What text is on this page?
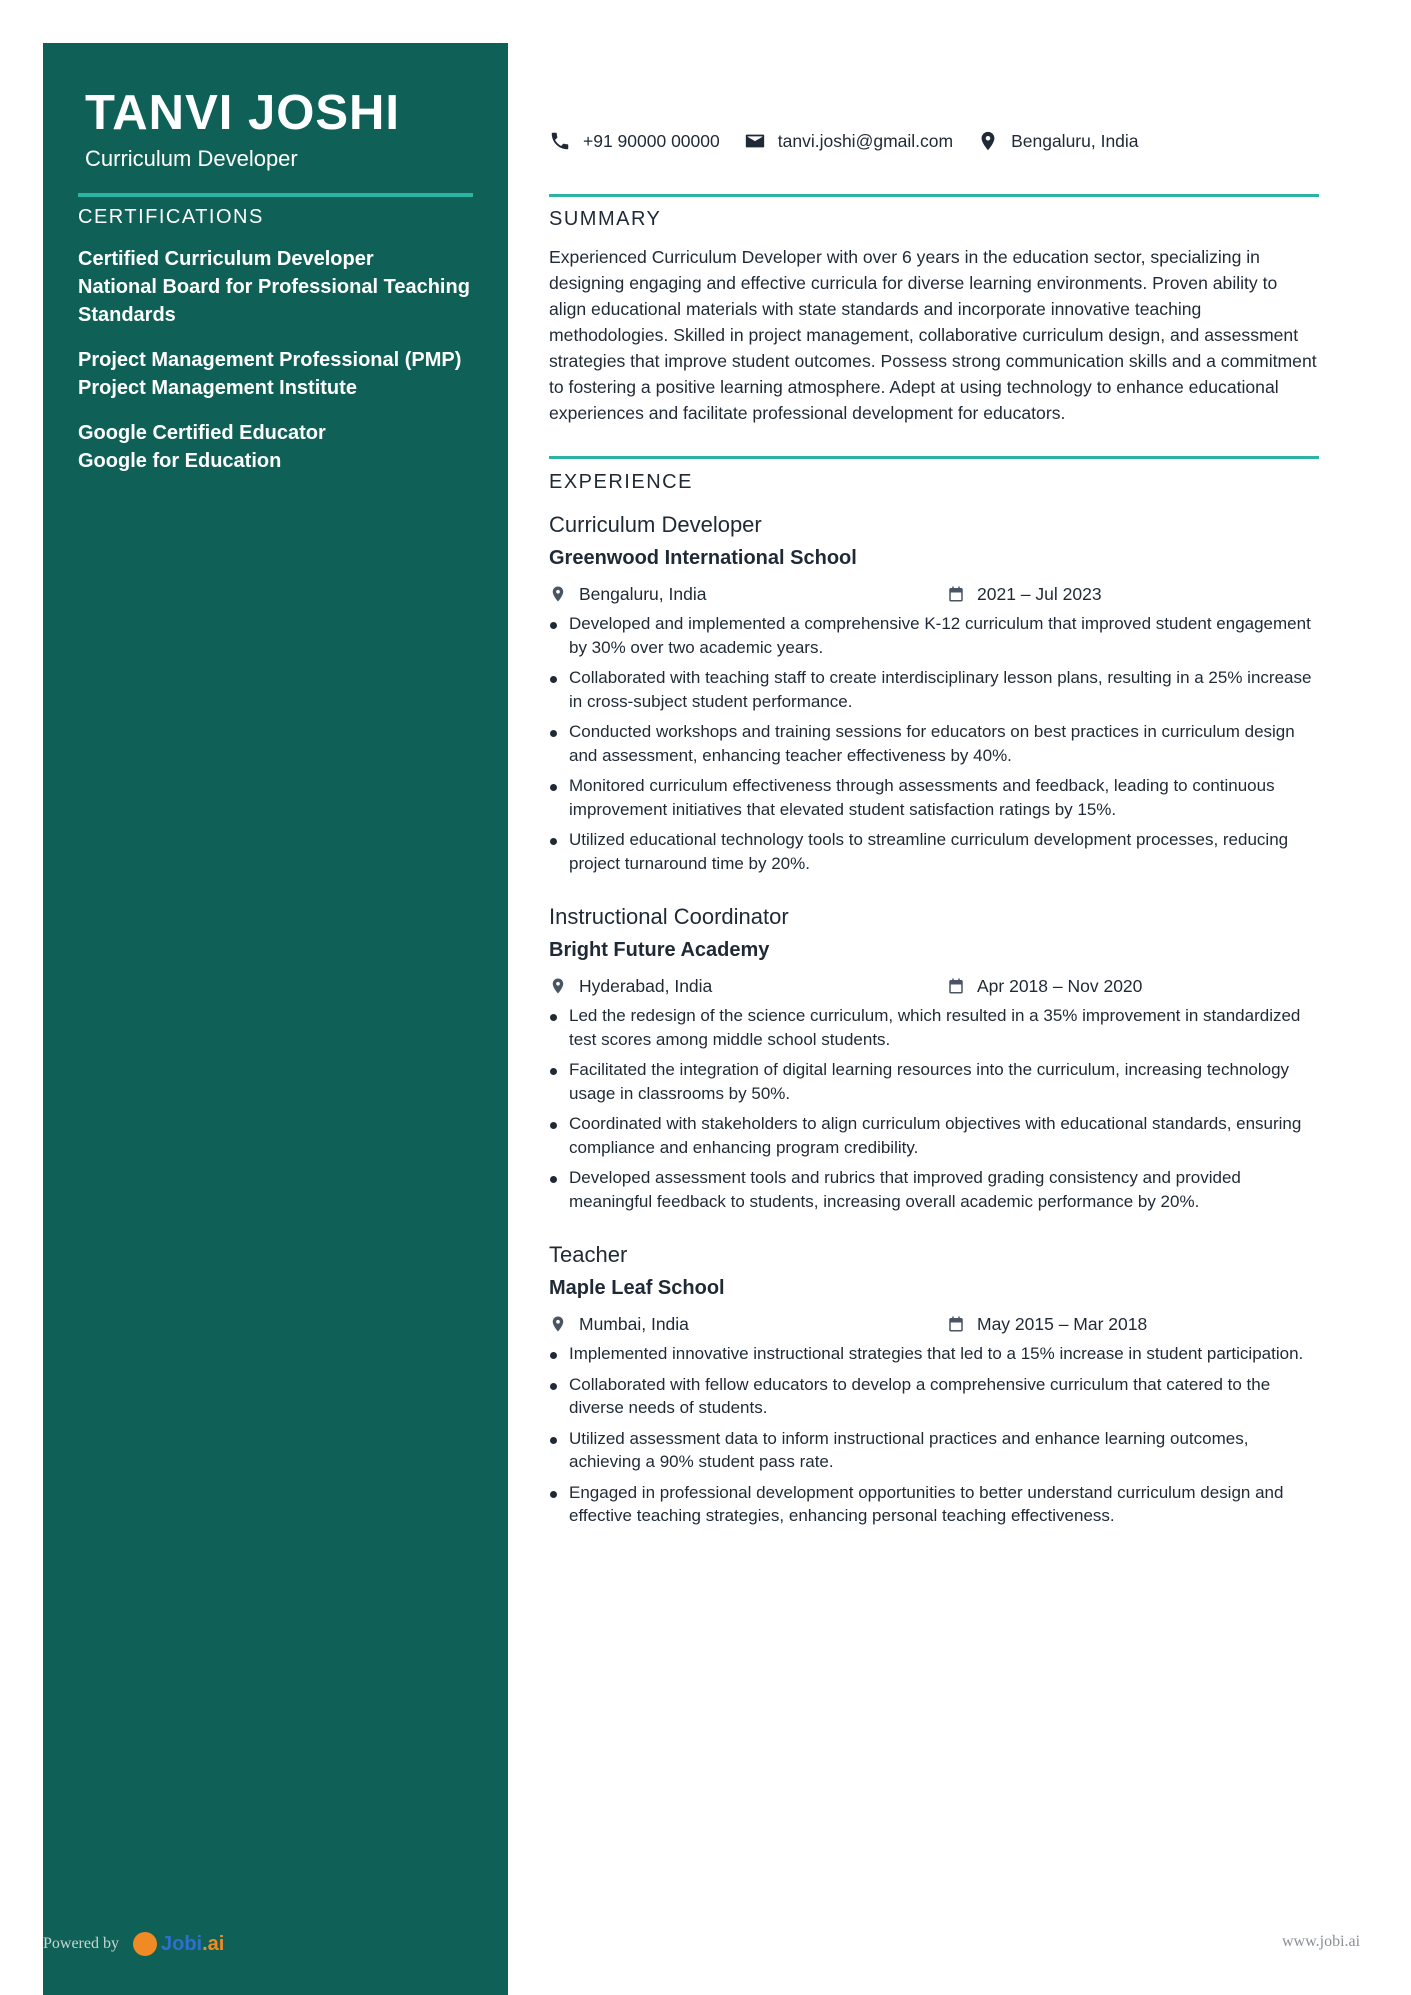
TANVI JOSHI
Curriculum Developer
CERTIFICATIONS
Certified Curriculum Developer
National Board for Professional Teaching Standards
Project Management Professional (PMP)
Project Management Institute
Google Certified Educator
Google for Education
+91 90000 00000	tanvi.joshi@gmail.com	Bengaluru, India
SUMMARY

Experienced Curriculum Developer with over 6 years in the education sector, specializing in designing engaging and effective curricula for diverse learning environments. Proven ability to align educational materials with state standards and incorporate innovative teaching methodologies. Skilled in project management, collaborative curriculum design, and assessment strategies that improve student outcomes. Possess strong communication skills and a commitment to fostering a positive learning atmosphere. Adept at using technology to enhance educational experiences and facilitate professional development for educators.

EXPERIENCE
Curriculum Developer
Greenwood International School
Bengaluru, India	2021 – Jul 2023
Developed and implemented a comprehensive K-12 curriculum that improved student engagement by 30% over two academic years.
Collaborated with teaching staff to create interdisciplinary lesson plans, resulting in a 25% increase in cross-subject student performance.
Conducted workshops and training sessions for educators on best practices in curriculum design and assessment, enhancing teacher effectiveness by 40%.
Monitored curriculum effectiveness through assessments and feedback, leading to continuous improvement initiatives that elevated student satisfaction ratings by 15%.
Utilized educational technology tools to streamline curriculum development processes, reducing project turnaround time by 20%.
Instructional Coordinator
Bright Future Academy
Hyderabad, India	Apr 2018 – Nov 2020
Led the redesign of the science curriculum, which resulted in a 35% improvement in standardized test scores among middle school students.
Facilitated the integration of digital learning resources into the curriculum, increasing technology usage in classrooms by 50%.
Coordinated with stakeholders to align curriculum objectives with educational standards, ensuring compliance and enhancing program credibility.
Developed assessment tools and rubrics that improved grading consistency and provided meaningful feedback to students, increasing overall academic performance by 20%.
Teacher
Maple Leaf School
Mumbai, India	May 2015 – Mar 2018
Implemented innovative instructional strategies that led to a 15% increase in student participation.
Collaborated with fellow educators to develop a comprehensive curriculum that catered to the diverse needs of students.
Utilized assessment data to inform instructional practices and enhance learning outcomes, achieving a 90% student pass rate.
Engaged in professional development opportunities to better understand curriculum design and effective teaching strategies, enhancing personal teaching effectiveness.
Powered by Jobi.ai	www.jobi.ai
